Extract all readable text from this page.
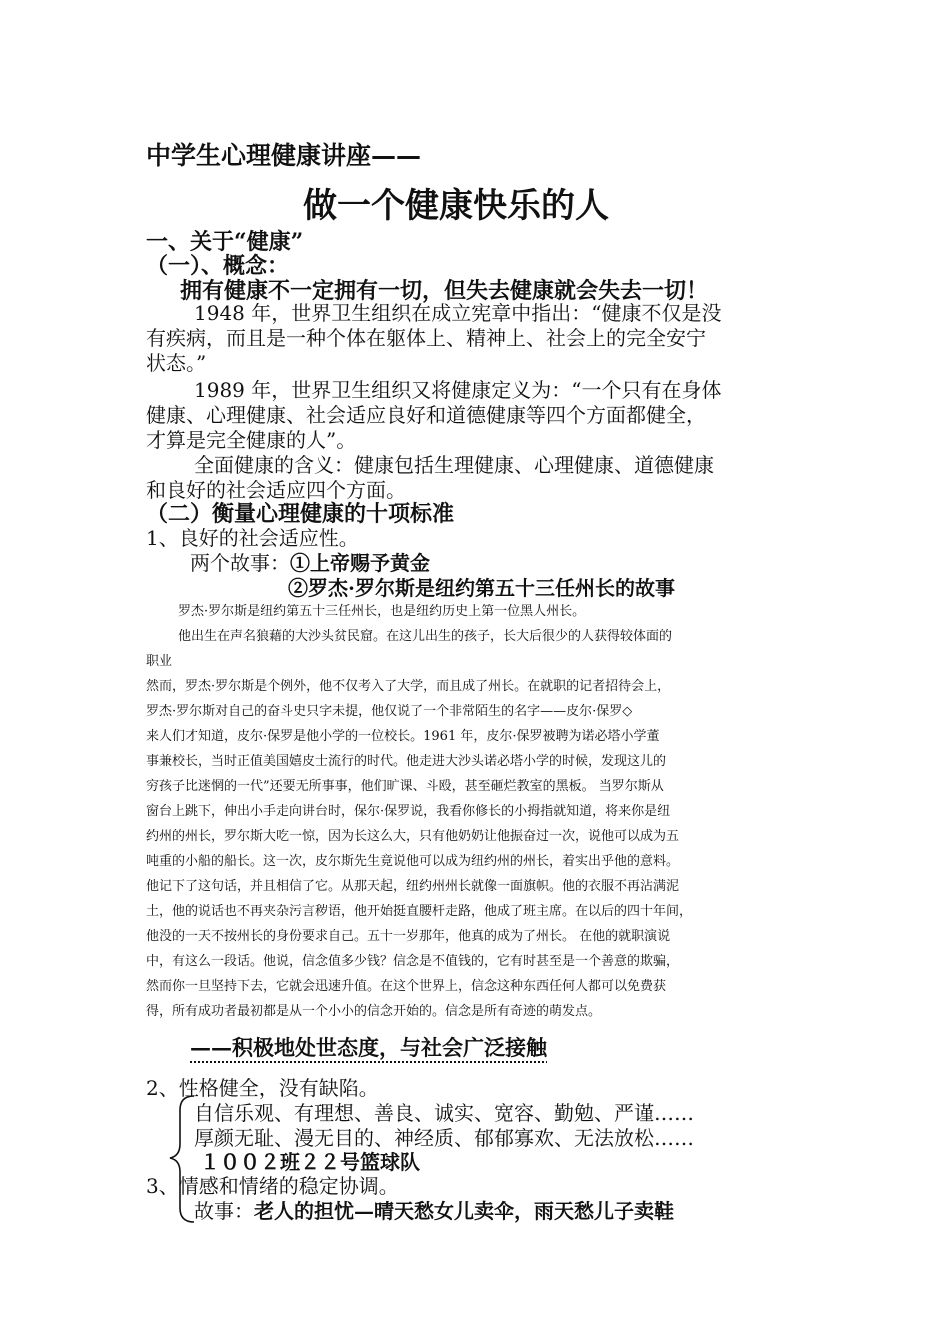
中学生心理健康讲座——
做一个健康快乐的人
一、关于“健康”
（一）、概念：
拥有健康不一定拥有一切，但失去健康就会失去一切！
1948 年，世界卫生组织在成立宪章中指出：“健康不仅是没
有疾病，而且是一种个体在躯体上、精神上、社会上的完全安宁
状态。”
1989 年，世界卫生组织又将健康定义为：“一个只有在身体
健康、心理健康、社会适应良好和道德健康等四个方面都健全，
才算是完全健康的人”。
全面健康的含义：健康包括生理健康、心理健康、道德健康
和良好的社会适应四个方面。
（二）衡量心理健康的十项标准
1、良好的社会适应性。
两个故事：①上帝赐予黄金
②罗杰·罗尔斯是纽约第五十三任州长的故事
罗杰·罗尔斯是纽约第五十三任州长，也是纽约历史上第一位黑人州长。
他出生在声名狼藉的大沙头贫民窟。在这儿出生的孩子，长大后很少的人获得较体面的
职业
然而，罗杰·罗尔斯是个例外，他不仅考入了大学，而且成了州长。在就职的记者招待会上，
罗杰·罗尔斯对自己的奋斗史只字未提，他仅说了一个非常陌生的名字——皮尔·保罗◇
来人们才知道，皮尔·保罗是他小学的一位校长。1961 年，皮尔·保罗被聘为诺必塔小学董
事兼校长，当时正值美国嬉皮士流行的时代。他走进大沙头诺必塔小学的时候，发现这儿的
穷孩子比迷惘的一代”还要无所事事，他们旷课、斗殴，甚至砸烂教室的黑板。 当罗尔斯从
窗台上跳下，伸出小手走向讲台时，保尔·保罗说，我看你修长的小拇指就知道，将来你是纽
约州的州长，罗尔斯大吃一惊，因为长这么大，只有他奶奶让他振奋过一次，说他可以成为五
吨重的小船的船长。这一次，皮尔斯先生竟说他可以成为纽约州的州长，着实出乎他的意料。
他记下了这句话，并且相信了它。从那天起，纽约州州长就像一面旗帜。他的衣服不再沾满泥
土，他的说话也不再夹杂污言秽语，他开始挺直腰杆走路，他成了班主席。在以后的四十年间，
他没的一天不按州长的身份要求自己。五十一岁那年，他真的成为了州长。 在他的就职演说
中，有这么一段话。他说，信念值多少钱？信念是不值钱的，它有时甚至是一个善意的欺骗，
然而你一旦坚持下去，它就会迅速升值。在这个世界上，信念这种东西任何人都可以免费获
得，所有成功者最初都是从一个小小的信念开始的。信念是所有奇迹的萌发点。
——积极地处世态度，与社会广泛接触
2、性格健全，没有缺陷。
自信乐观、有理想、善良、诚实、宽容、勤勉、严谨……
厚颜无耻、漫无目的、神经质、郁郁寡欢、无法放松……
１００２班２２号篮球队
3、情感和情绪的稳定协调。
故事：老人的担忧—晴天愁女儿卖伞，雨天愁儿子卖鞋
